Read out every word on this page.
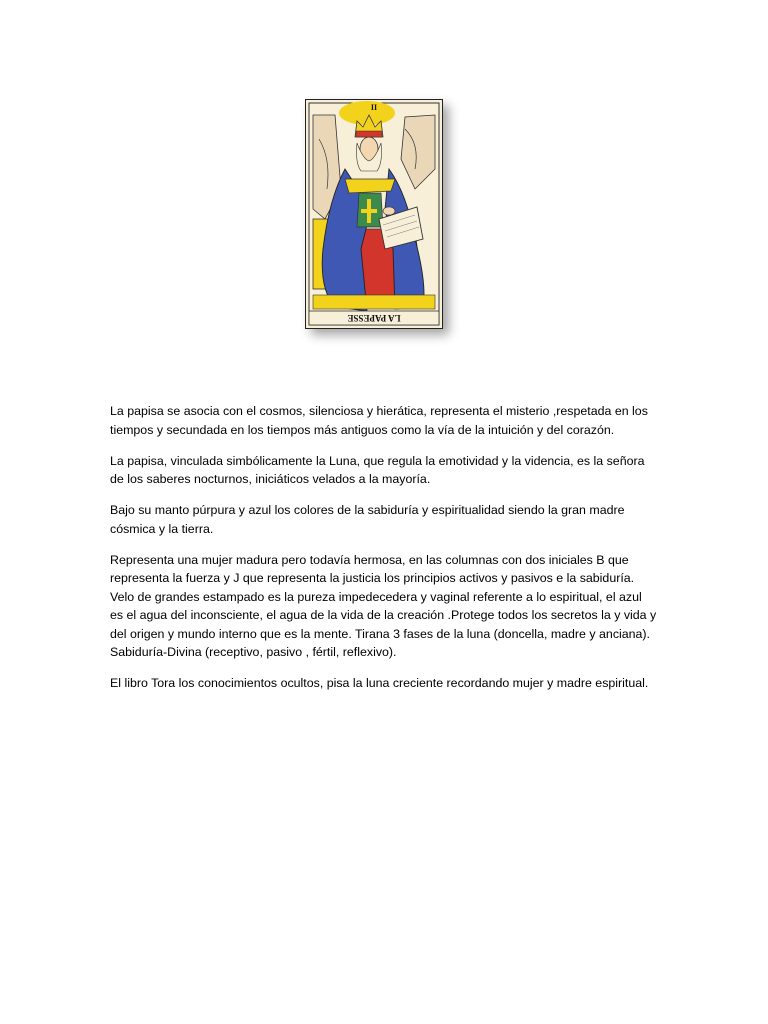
II
LA PAPESSE

La papisa se asocia con el cosmos, silenciosa y hierática, representa el misterio ,respetada en los tiempos y secundada en los tiempos más antiguos como la vía de la intuición y del corazón.

La papisa, vinculada simbólicamente la Luna, que regula la emotividad y la videncia, es la señora de los saberes nocturnos, iniciáticos velados a la mayoría.

Bajo su manto púrpura y azul los colores de la sabiduría y espiritualidad siendo la gran madre cósmica y la tierra.

Representa una mujer madura pero todavía hermosa, en las columnas con dos iniciales B que representa la fuerza y J que representa la justicia los principios activos y pasivos e la sabiduría. Velo de grandes estampado es la pureza impedecedera y vaginal referente a lo espiritual, el azul es el agua del inconsciente, el agua de la vida de la creación .Protege todos los secretos la y vida y del origen y mundo interno que es la mente. Tirana 3 fases de la luna (doncella, madre y anciana). Sabiduría-Divina (receptivo, pasivo , fértil, reflexivo).

El libro Tora los conocimientos ocultos, pisa la luna creciente recordando mujer y madre espiritual.
